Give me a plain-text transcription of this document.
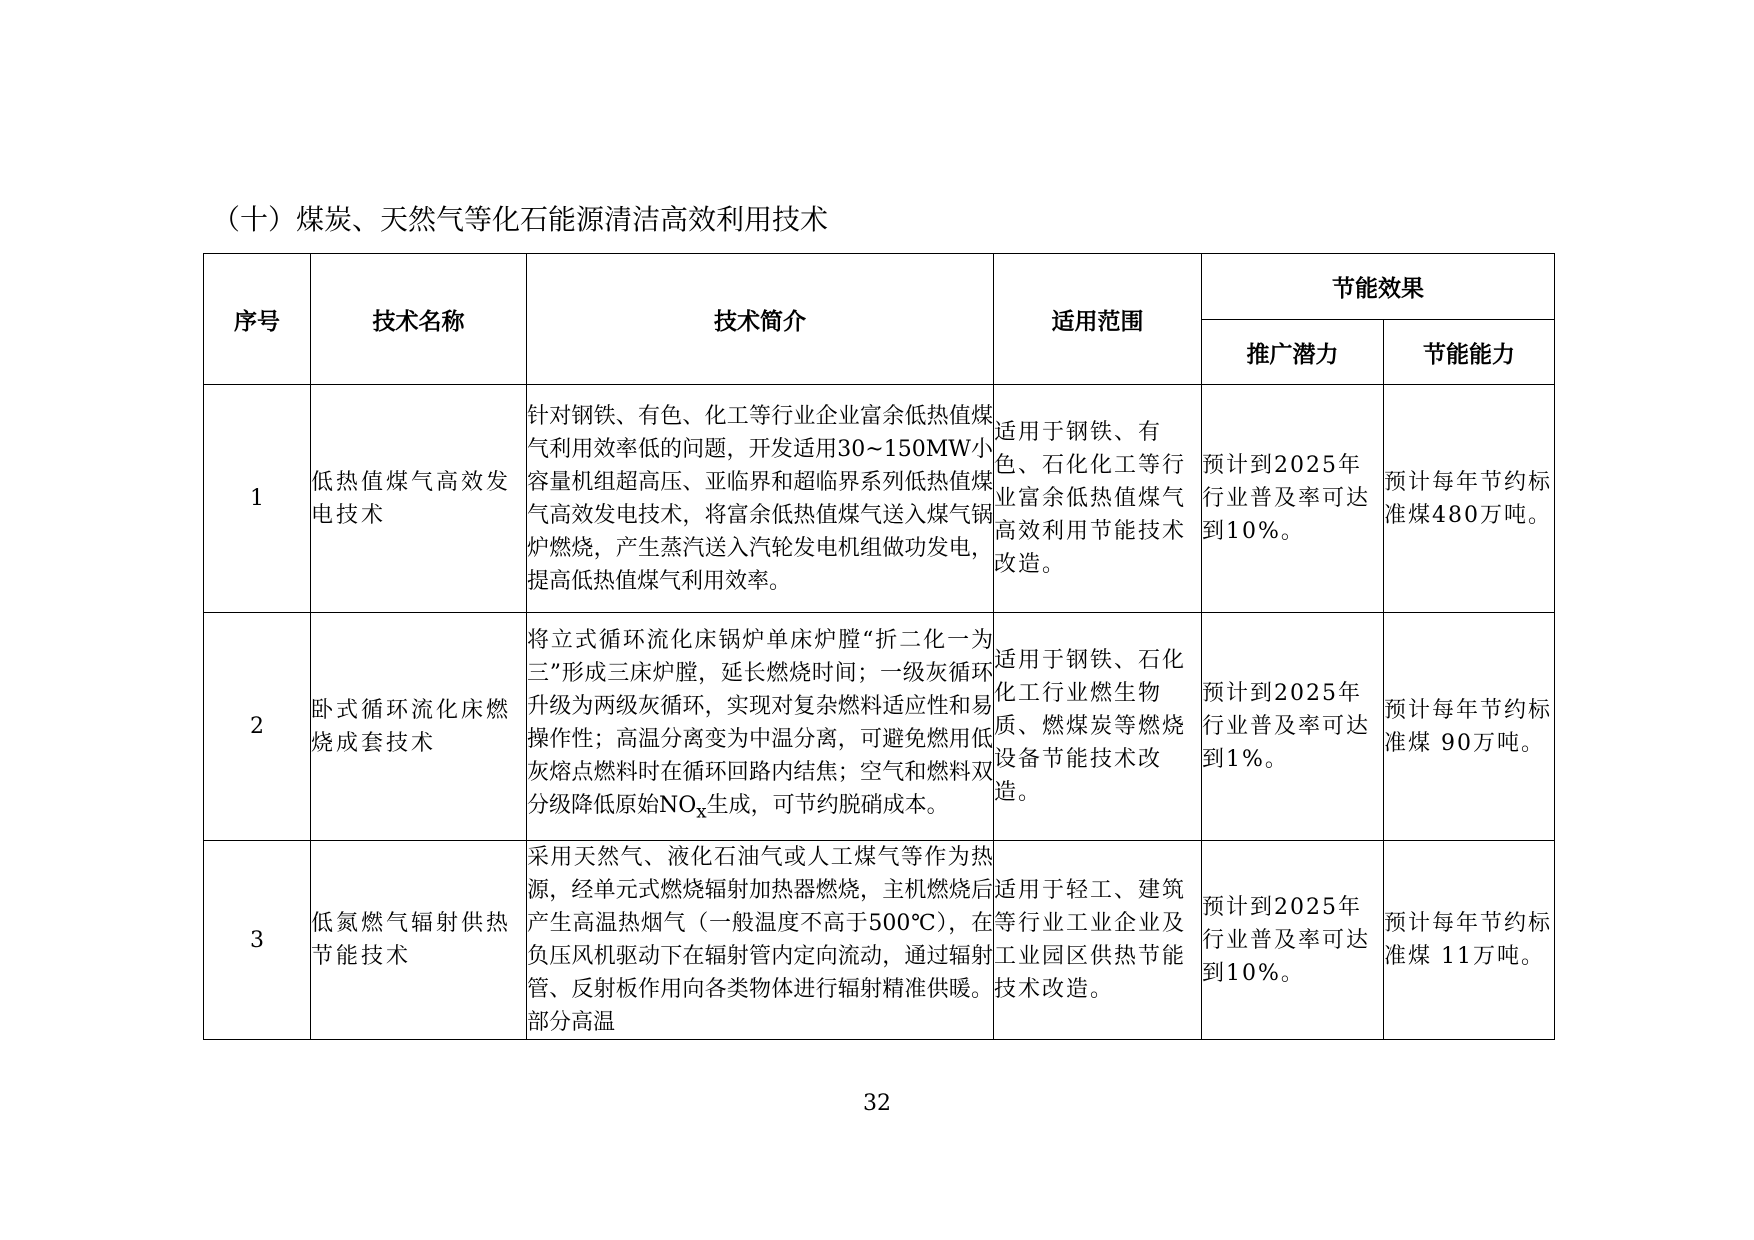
（十）煤炭、天然气等化石能源清洁高效利用技术
序号	技术名称	技术简介	适用范围	节能效果	
				推广潜力	节能能力
1	低热值煤气高效发电技术	针对钢铁、有色、化工等行业企业富余低热值煤气利用效率低的问题，开发适用30~150MW小容量机组超高压、亚临界和超临界系列低热值煤气高效发电技术，将富余低热值煤气送入煤气锅炉燃烧，产生蒸汽送入汽轮发电机组做功发电，提高低热值煤气利用效率。	适用于钢铁、有色、石化化工等行业富余低热值煤气高效利用节能技术改造。	预计到2025年行业普及率可达到10%。	预计每年节约标准煤480万吨。
2	卧式循环流化床燃烧成套技术	将立式循环流化床锅炉单床炉膛“折二化一为三”形成三床炉膛，延长燃烧时间；一级灰循环升级为两级灰循环，实现对复杂燃料适应性和易操作性；高温分离变为中温分离，可避免燃用低灰熔点燃料时在循环回路内结焦；空气和燃料双分级降低原始$NO_x$生成，可节约脱硝成本。	适用于钢铁、石化化工行业燃生物质、燃煤炭等燃烧设备节能技术改造。	预计到2025年行业普及率可达到1%。	预计每年节约标准煤 90万吨。
3	低氮燃气辐射供热节能技术	采用天然气、液化石油气或人工煤气等作为热源，经单元式燃烧辐射加热器燃烧，主机燃烧后产生高温热烟气（一般温度不高于500℃），在负压风机驱动下在辐射管内定向流动，通过辐射管、反射板作用向各类物体进行辐射精准供暖。部分高温	适用于轻工、建筑等行业工业企业及工业园区供热节能技术改造。	预计到2025年行业普及率可达到10%。	预计每年节约标准煤 11万吨。
32
